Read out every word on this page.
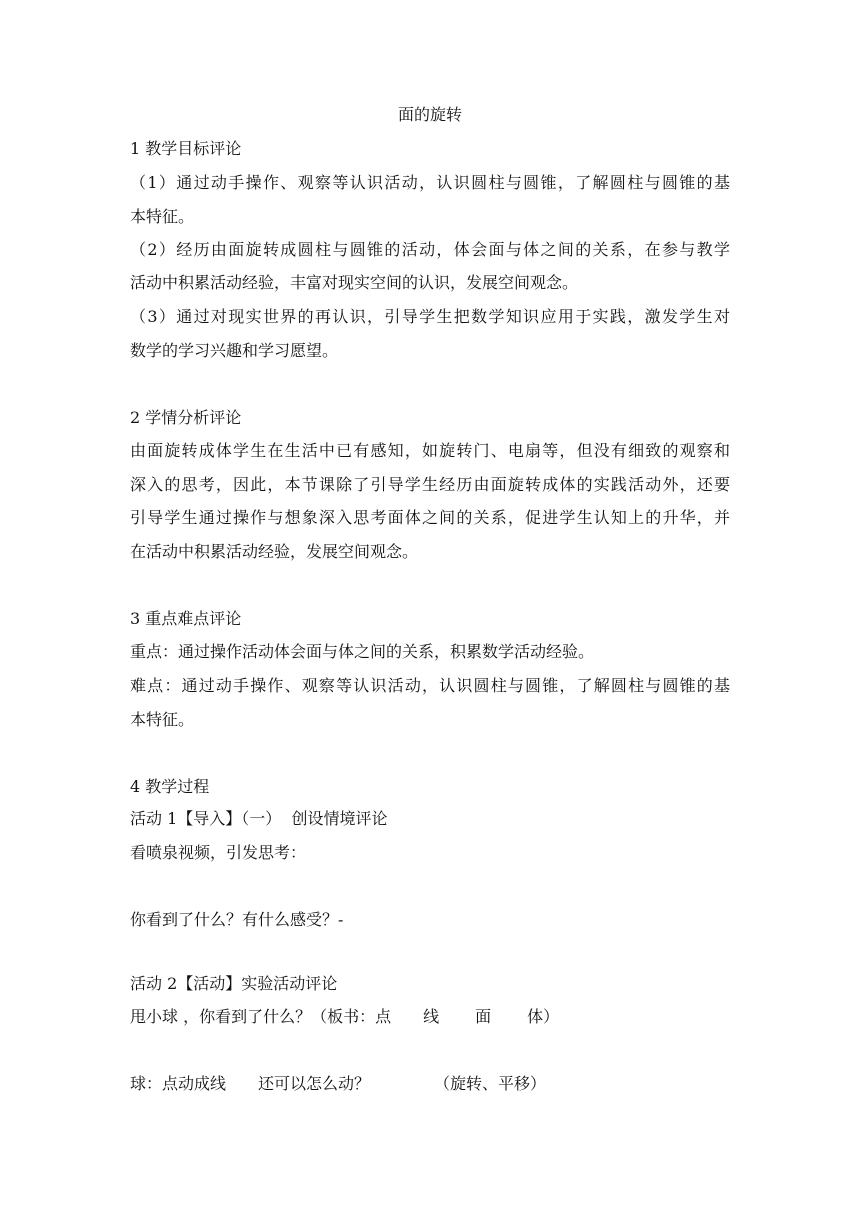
面的旋转
1 教学目标评论
（1）通过动手操作、观察等认识活动，认识圆柱与圆锥，了解圆柱与圆锥的基
本特征。
（2）经历由面旋转成圆柱与圆锥的活动，体会面与体之间的关系，在参与教学
活动中积累活动经验，丰富对现实空间的认识，发展空间观念。
（3）通过对现实世界的再认识，引导学生把数学知识应用于实践，激发学生对
数学的学习兴趣和学习愿望。
2 学情分析评论
由面旋转成体学生在生活中已有感知，如旋转门、电扇等，但没有细致的观察和
深入的思考，因此，本节课除了引导学生经历由面旋转成体的实践活动外，还要
引导学生通过操作与想象深入思考面体之间的关系，促进学生认知上的升华，并
在活动中积累活动经验，发展空间观念。
3 重点难点评论
重点：通过操作活动体会面与体之间的关系，积累数学活动经验。
难点：通过动手操作、观察等认识活动，认识圆柱与圆锥，了解圆柱与圆锥的基
本特征。
4 教学过程
活动 1【导入】（一）  创设情境评论
看喷泉视频，引发思考：
你看到了什么？有什么感受？-
活动 2【活动】实验活动评论
甩小球 ，你看到了什么？（板书：点 线 面 体）
球：点动成线 还可以怎么动？	（旋转、平移）
